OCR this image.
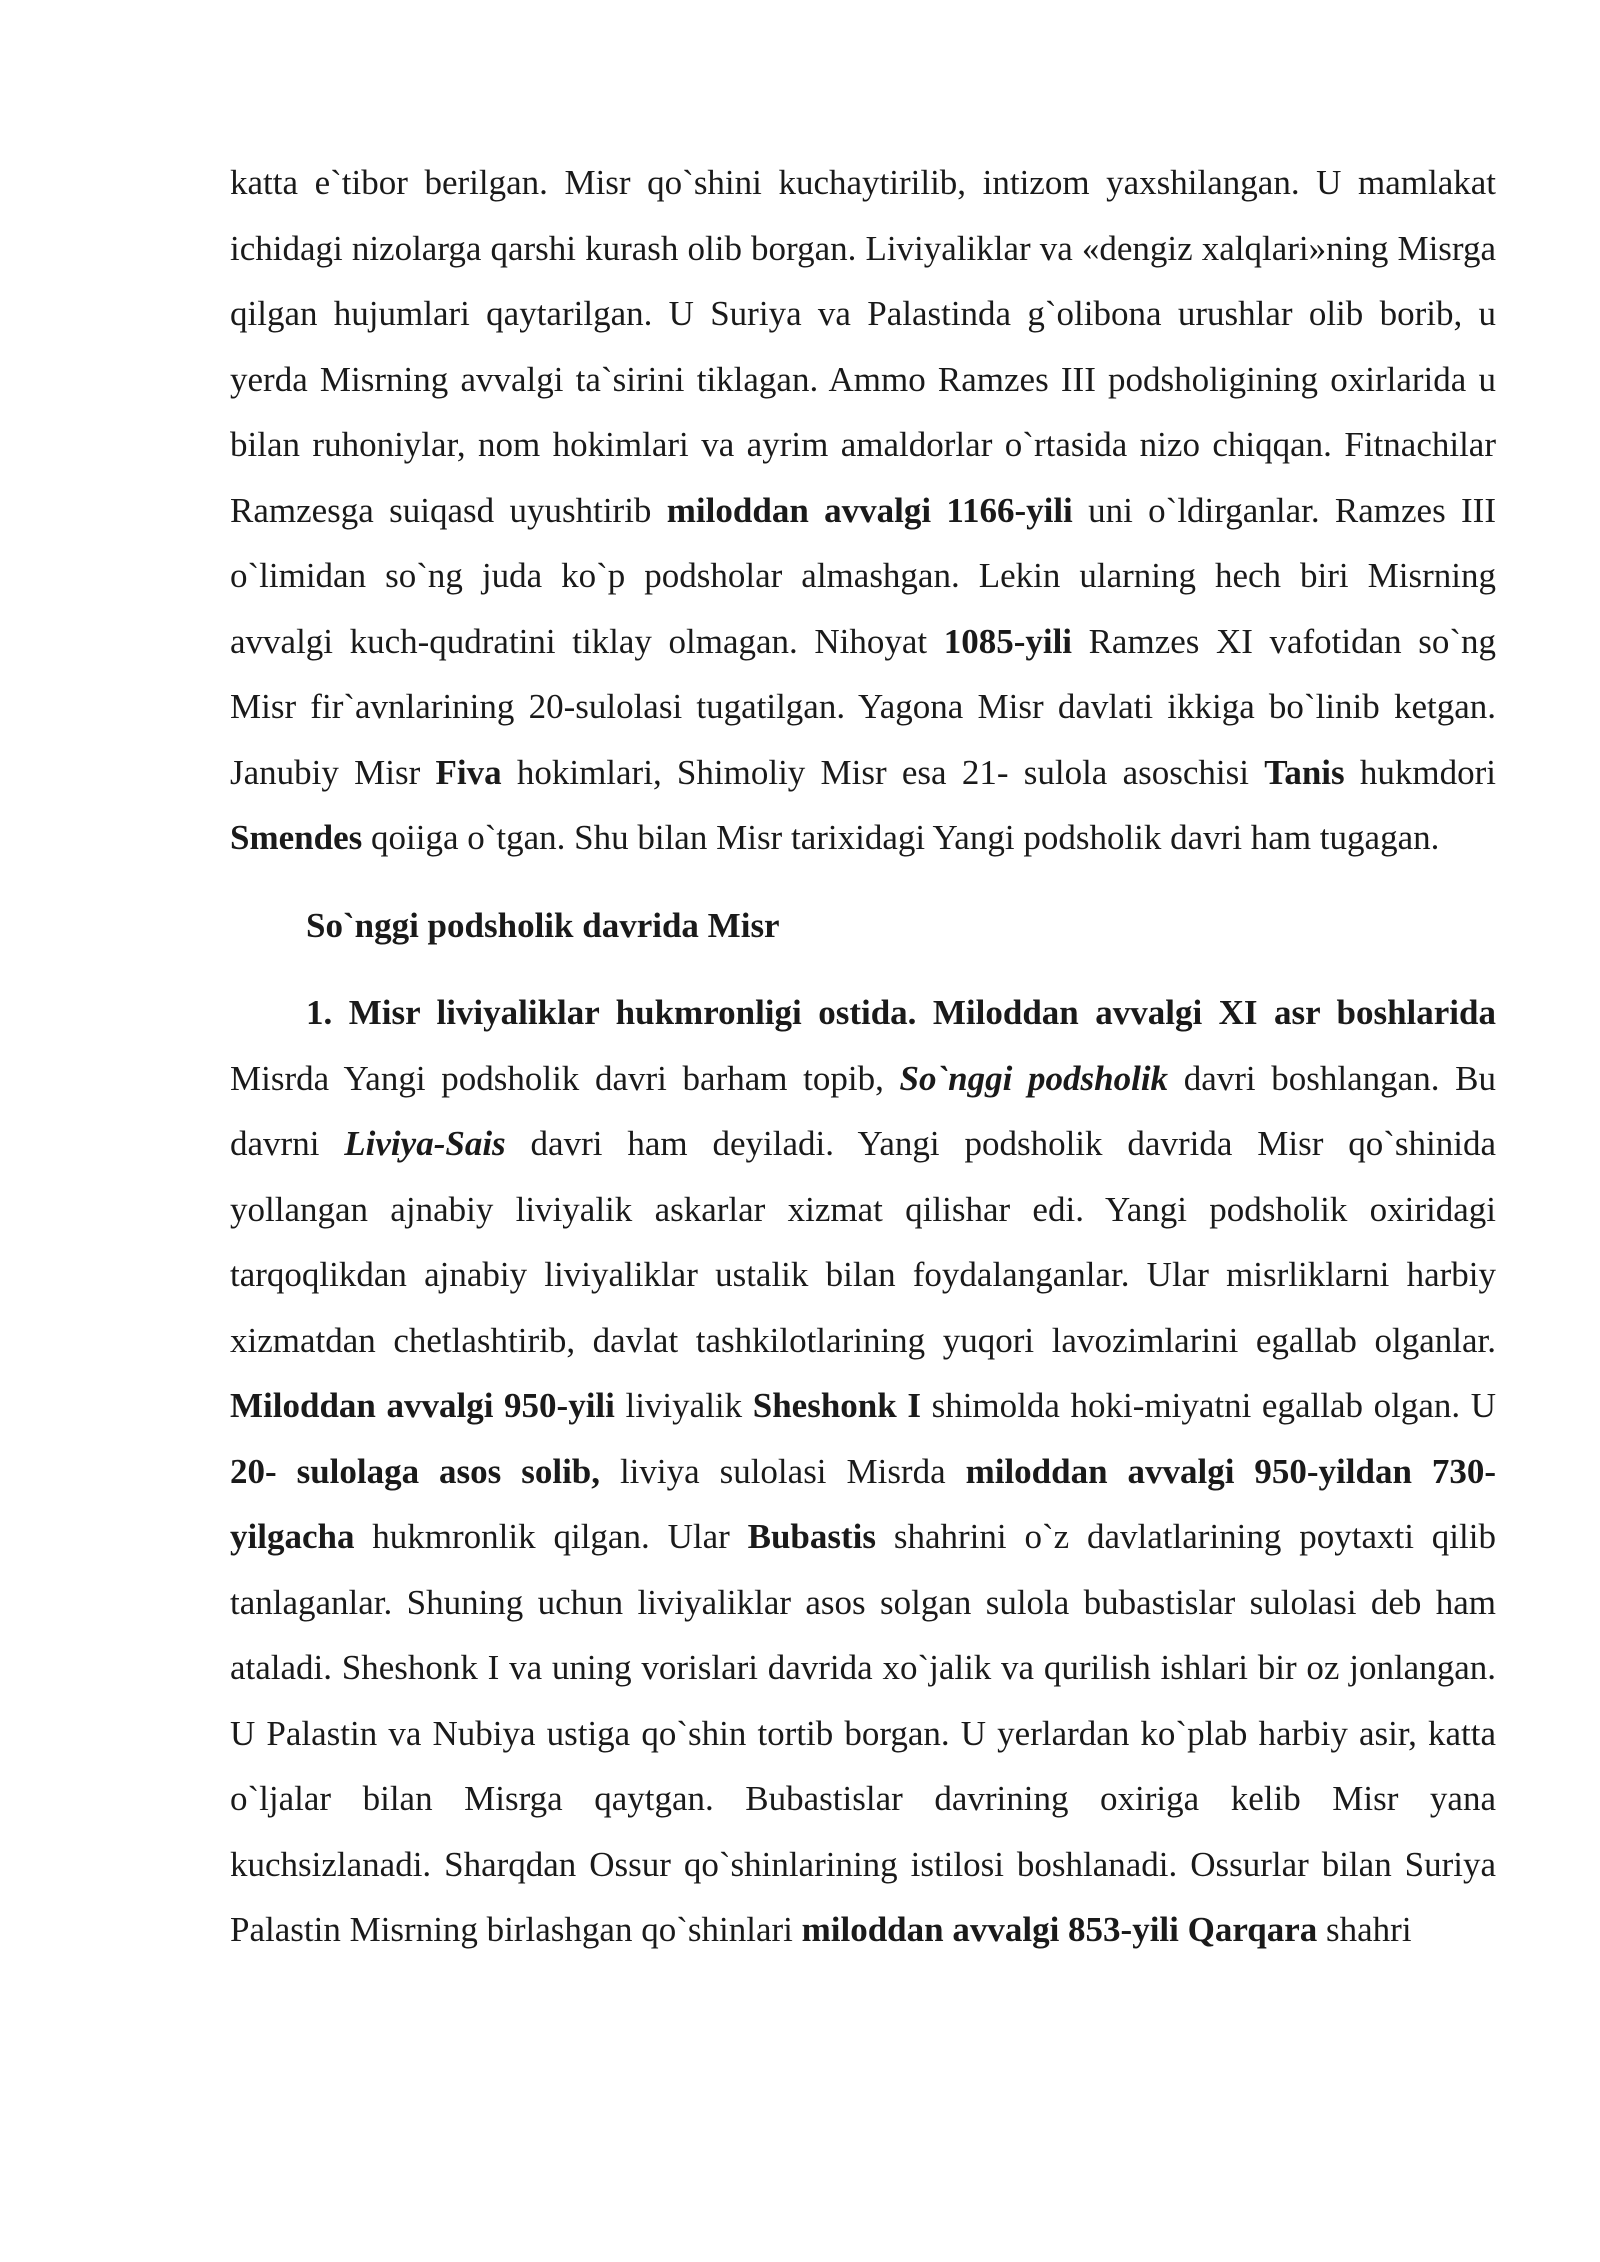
katta e`tibor berilgan. Misr qo`shini kuchaytirilib, intizom yaxshilangan. U mamlakat ichidagi nizolarga qarshi kurash olib borgan. Liviyaliklar va «dengiz xalqlari»ning Misrga qilgan hujumlari qaytarilgan. U Suriya va Palastinda g`olibona urushlar olib borib, u yerda Misrning avvalgi ta`sirini tiklagan. Ammo Ramzes III podsholigining oxirlarida u bilan ruhoniylar, nom hokimlari va ayrim amaldorlar o`rtasida nizo chiqqan. Fitnachilar Ramzesga suiqasd uyushtirib miloddan avvalgi 1166-yili uni o`ldirganlar. Ramzes III o`limidan so`ng juda ko`p podsholar almashgan. Lekin ularning hech biri Misrning avvalgi kuch-qudratini tiklay olmagan. Nihoyat 1085-yili Ramzes XI vafotidan so`ng Misr fir`avnlarining 20-sulolasi tugatilgan. Yagona Misr davlati ikkiga bo`linib ketgan. Janubiy Misr Fiva hokimlari, Shimoliy Misr esa 21- sulola asoschisi Tanis hukmdori Smendes qoiiga o`tgan. Shu bilan Misr tarixidagi Yangi podsholik davri ham tugagan.

So`nggi podsholik davrida Misr

1. Misr liviyaliklar hukmronligi ostida. Miloddan avvalgi XI asr boshlarida Misrda Yangi podsholik davri barham topib, So`nggi podsholik davri boshlangan. Bu davrni Liviya-Sais davri ham deyiladi. Yangi podsholik davrida Misr qo`shinida yollangan ajnabiy liviyalik askarlar xizmat qilishar edi. Yangi podsholik oxiridagi tarqoqlikdan ajnabiy liviyaliklar ustalik bilan foydalanganlar. Ular misrliklarni harbiy xizmatdan chetlashtirib, davlat tashkilotlarining yuqori lavozimlarini egallab olganlar. Miloddan avvalgi 950-yili liviyalik Sheshonk I shimolda hoki-miyatni egallab olgan. U 20- sulolaga asos solib, liviya sulolasi Misrda miloddan avvalgi 950-yildan 730-yilgacha hukmronlik qilgan. Ular Bubastis shahrini o`z davlatlarining poytaxti qilib tanlaganlar. Shuning uchun liviyaliklar asos solgan sulola bubastislar sulolasi deb ham ataladi. Sheshonk I va uning vorislari davrida xo`jalik va qurilish ishlari bir oz jonlangan. U Palastin va Nubiya ustiga qo`shin tortib borgan. U yerlardan ko`plab harbiy asir, katta o`ljalar bilan Misrga qaytgan. Bubastislar davrining oxiriga kelib Misr yana kuchsizlanadi. Sharqdan Ossur qo`shinlarining istilosi boshlanadi. Ossurlar bilan Suriya Palastin Misrning birlashgan qo`shinlari miloddan avvalgi 853-yili Qarqara shahri
